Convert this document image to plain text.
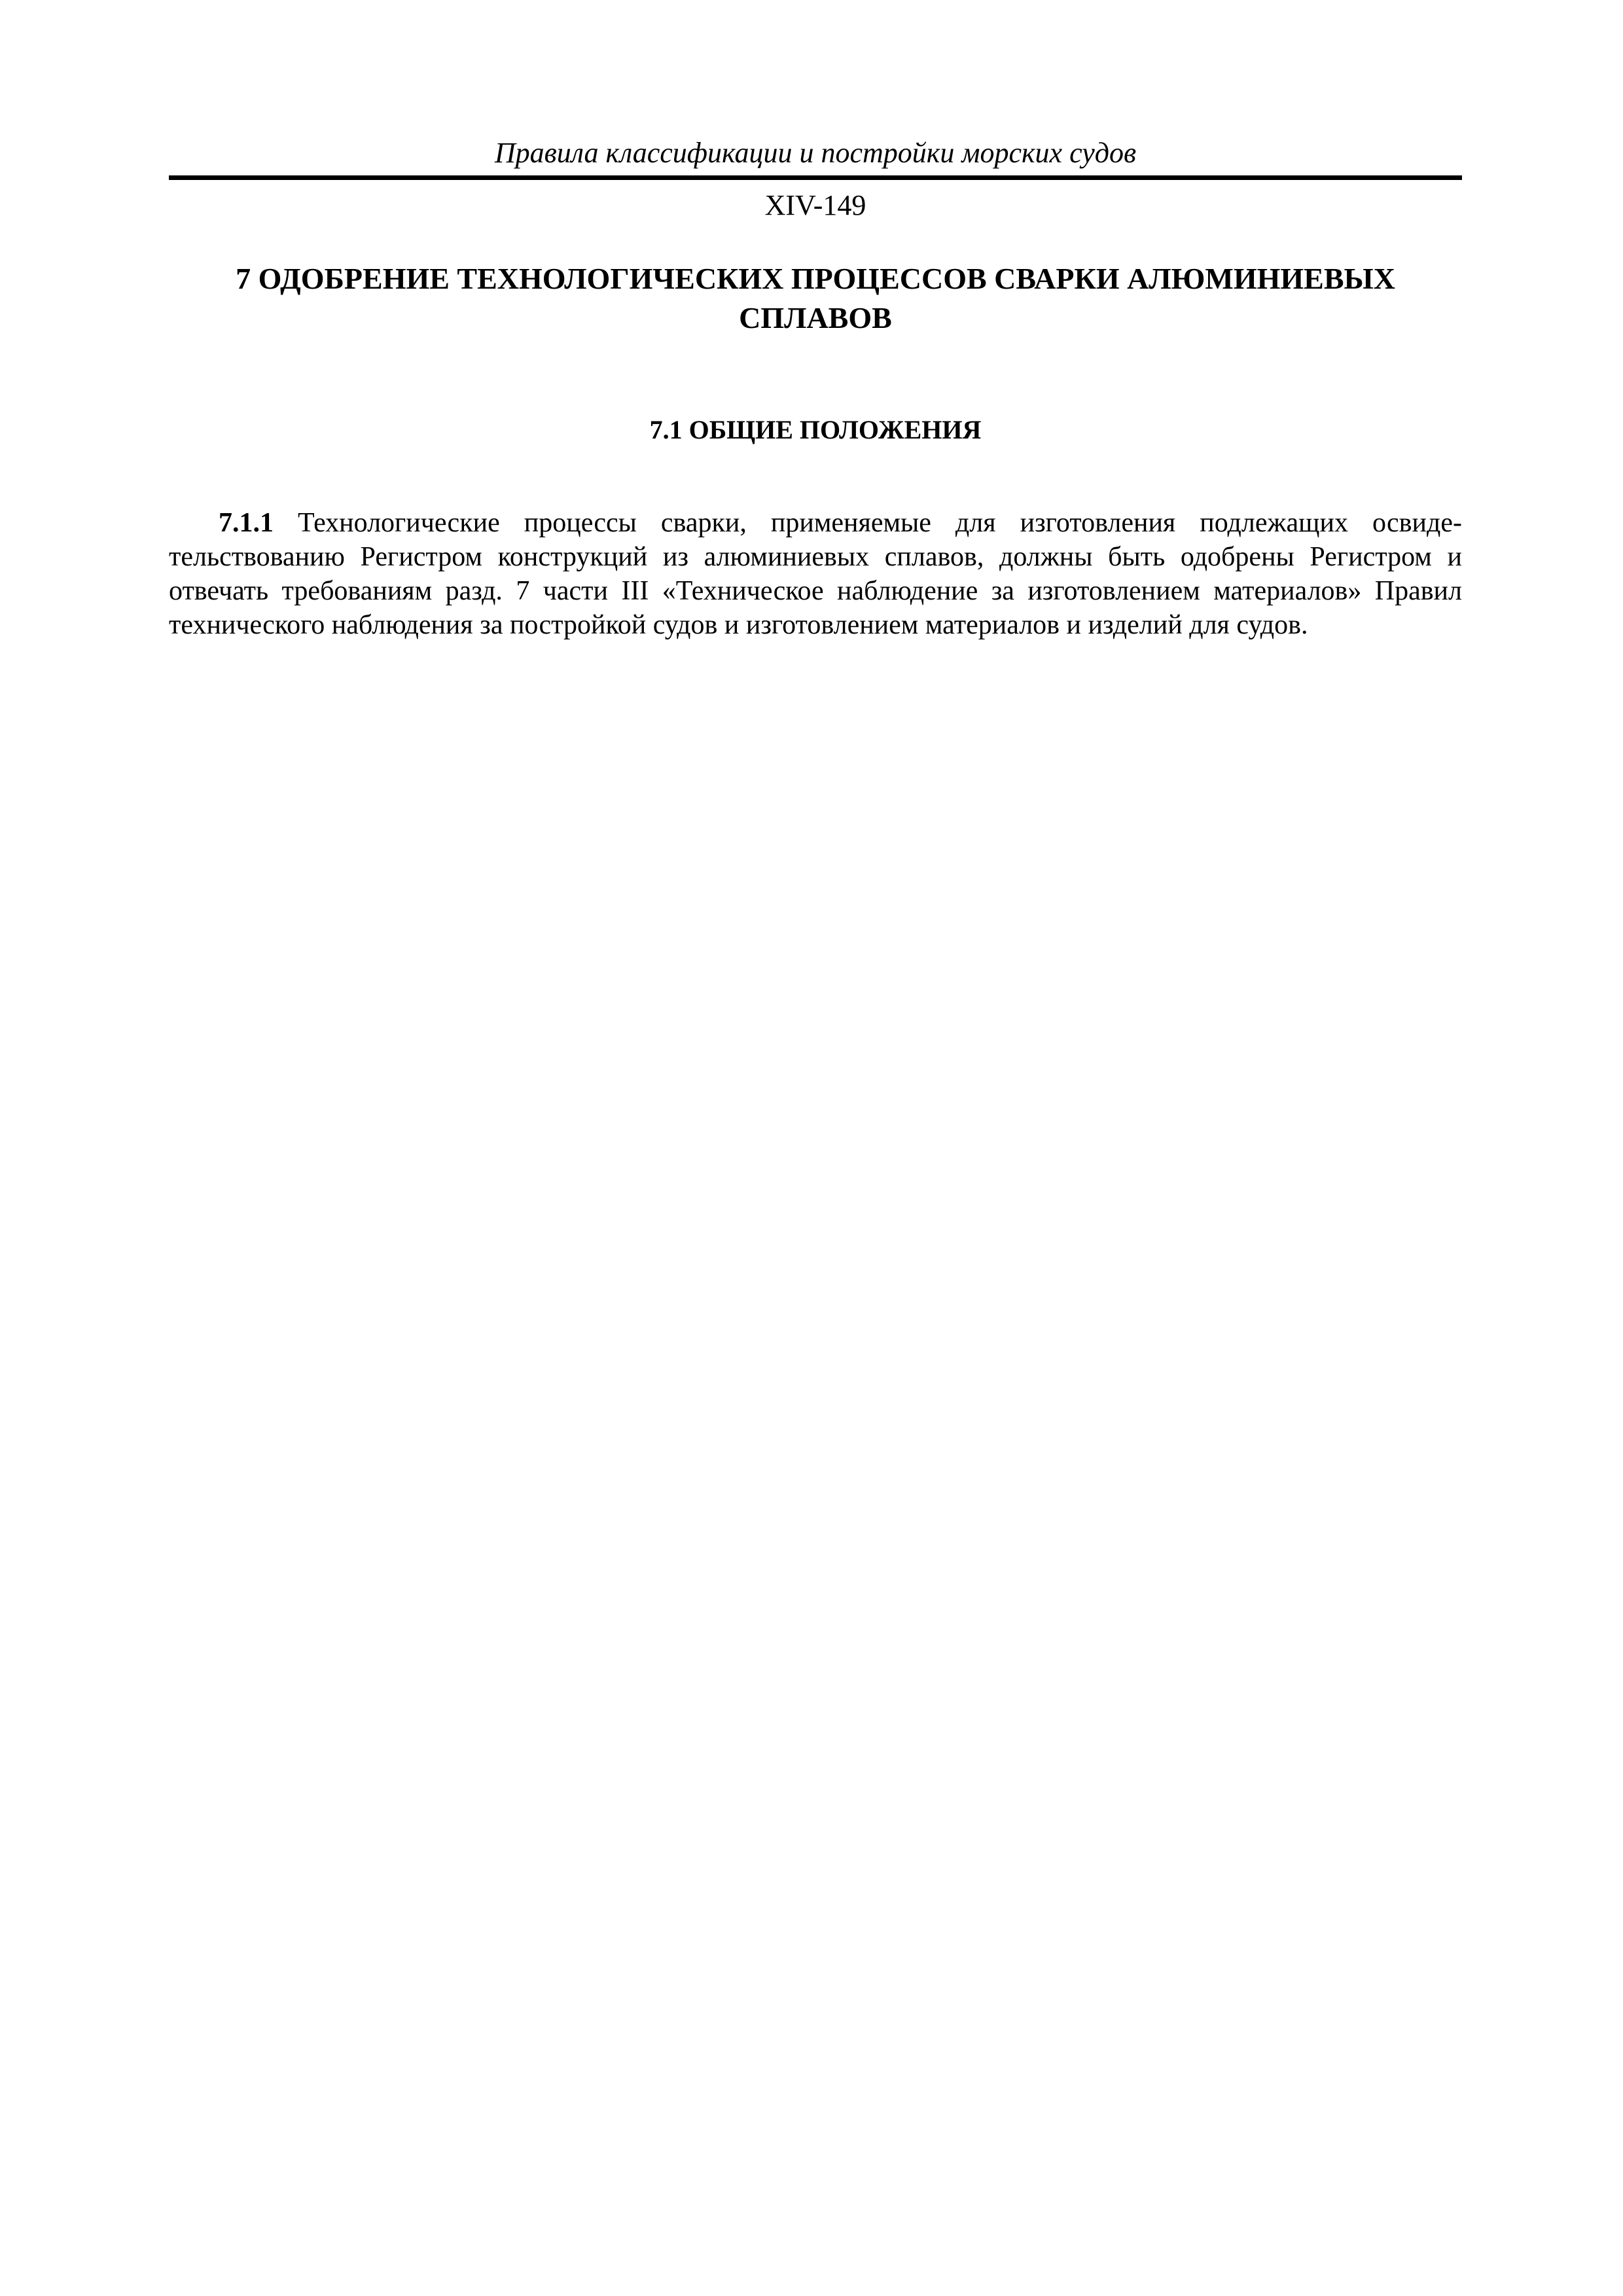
Правила классификации и постройки морских судов
XIV-149
7 ОДОБРЕНИЕ ТЕХНОЛОГИЧЕСКИХ ПРОЦЕССОВ СВАРКИ АЛЮМИНИЕВЫХ СПЛАВОВ
7.1 ОБЩИЕ ПОЛОЖЕНИЯ

7.1.1 Технологические процессы сварки, применяемые для изготовления подлежащих освиде-тельствованию Регистром конструкций из алюминиевых сплавов, должны быть одобрены Регистром и отвечать требованиям разд. 7 части III «Техническое наблюдение за изготовлением материалов» Правил технического наблюдения за постройкой судов и изготовлением материалов и изделий для судов.
